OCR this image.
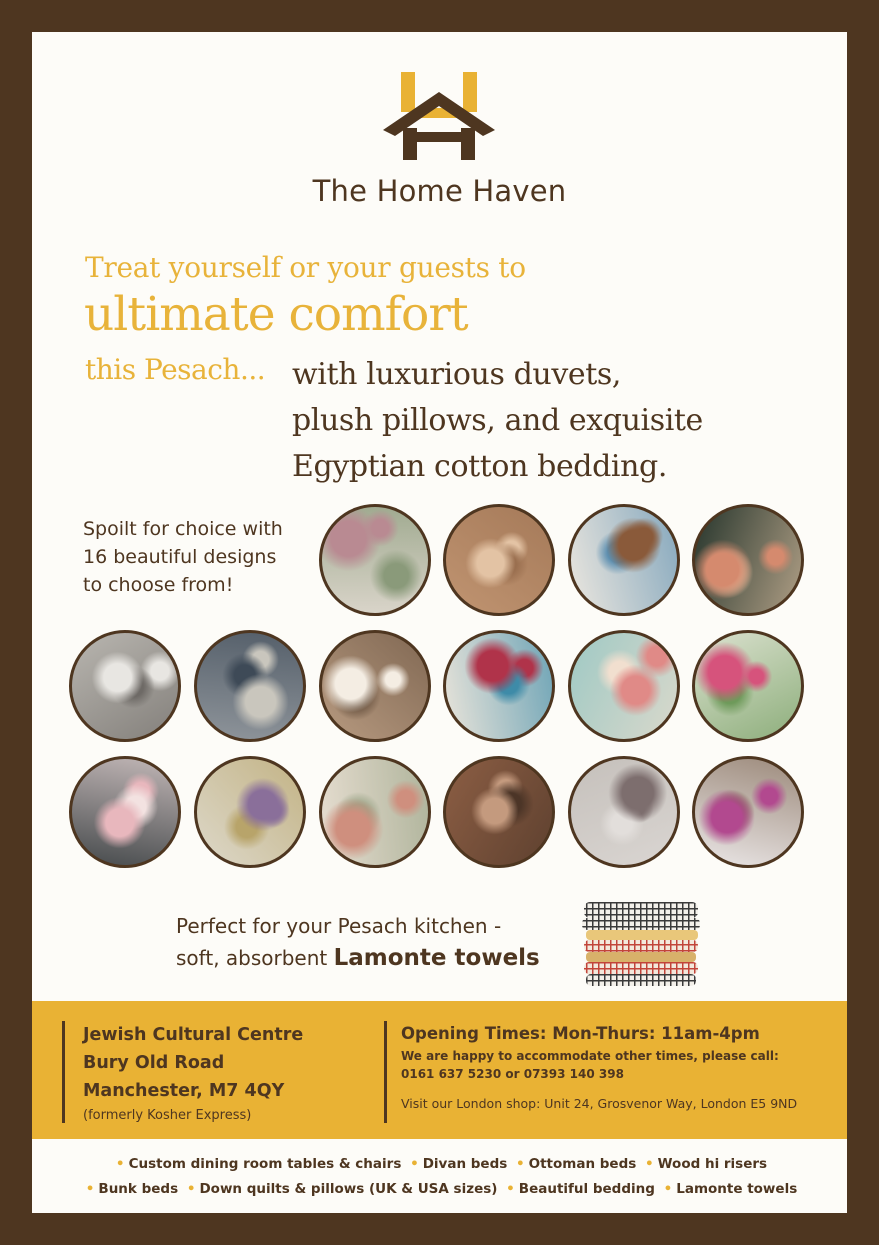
The Home Haven
Treat yourself or your guests to
ultimate comfort
this Pesach... with luxurious duvets,
plush pillows, and exquisite
Egyptian cotton bedding.
Spoilt for choice with
16 beautiful designs
to choose from!
Perfect for your Pesach kitchen -
soft, absorbent Lamonte towels
Jewish Cultural Centre
Bury Old Road
Manchester, M7 4QY
(formerly Kosher Express)
Opening Times: Mon-Thurs: 11am-4pm
We are happy to accommodate other times, please call:
0161 637 5230 or 07393 140 398
Visit our London shop: Unit 24, Grosvenor Way, London E5 9ND
• Custom dining room tables & chairs • Divan beds • Ottoman beds • Wood hi risers
• Bunk beds • Down quilts & pillows (UK & USA sizes) • Beautiful bedding • Lamonte towels
